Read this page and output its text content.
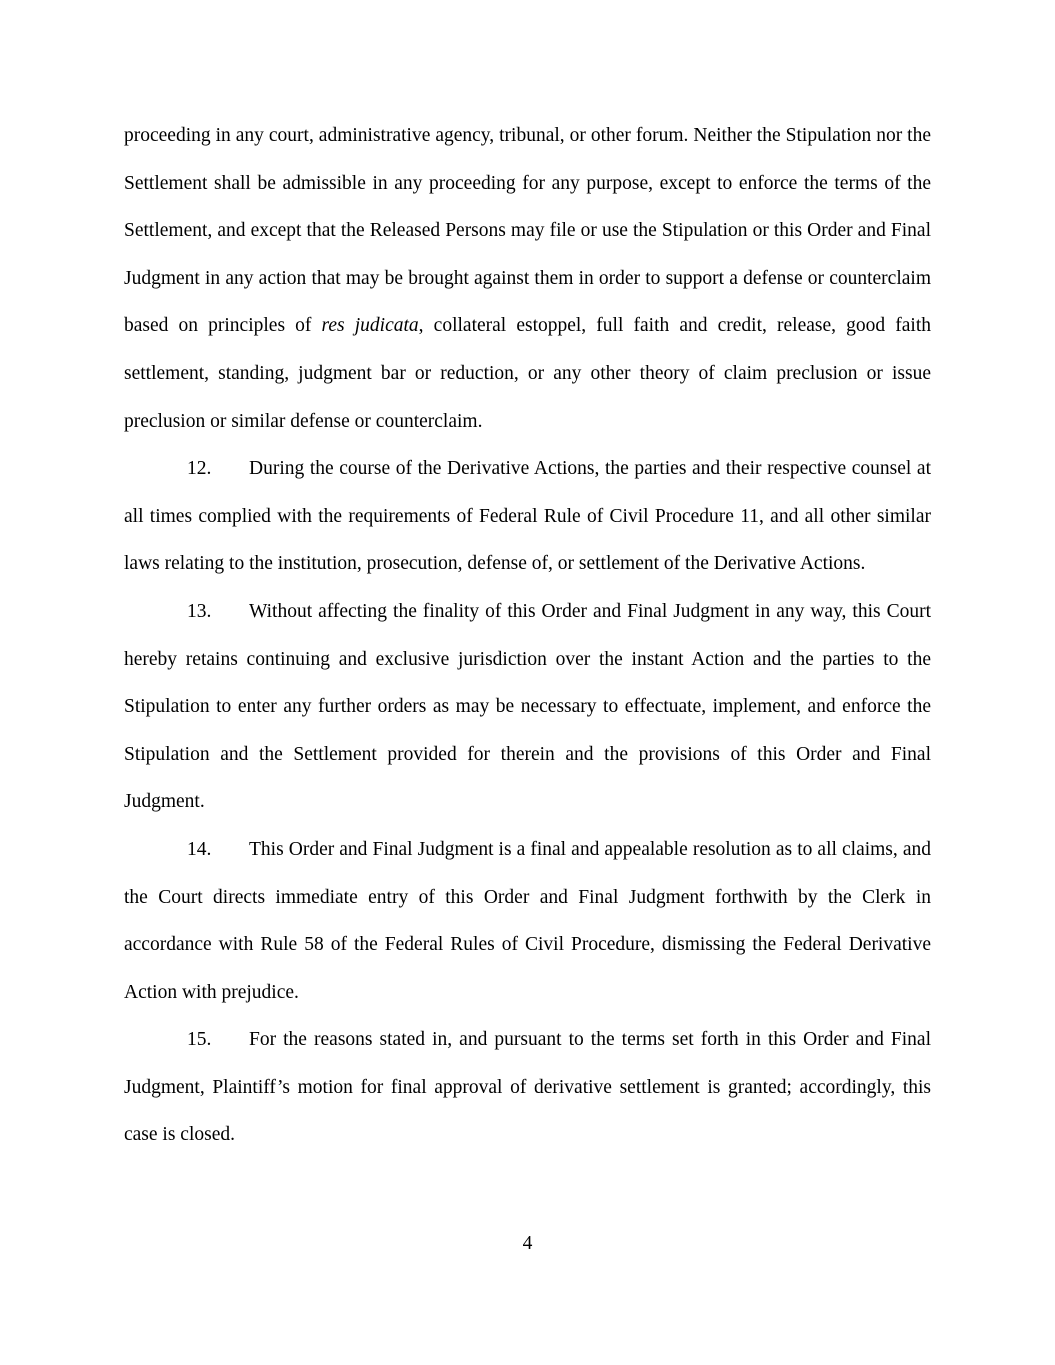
proceeding in any court, administrative agency, tribunal, or other forum. Neither the Stipulation nor the Settlement shall be admissible in any proceeding for any purpose, except to enforce the terms of the Settlement, and except that the Released Persons may file or use the Stipulation or this Order and Final Judgment in any action that may be brought against them in order to support a defense or counterclaim based on principles of res judicata, collateral estoppel, full faith and credit, release, good faith settlement, standing, judgment bar or reduction, or any other theory of claim preclusion or issue preclusion or similar defense or counterclaim.

12. During the course of the Derivative Actions, the parties and their respective counsel at all times complied with the requirements of Federal Rule of Civil Procedure 11, and all other similar laws relating to the institution, prosecution, defense of, or settlement of the Derivative Actions.

13. Without affecting the finality of this Order and Final Judgment in any way, this Court hereby retains continuing and exclusive jurisdiction over the instant Action and the parties to the Stipulation to enter any further orders as may be necessary to effectuate, implement, and enforce the Stipulation and the Settlement provided for therein and the provisions of this Order and Final Judgment.

14. This Order and Final Judgment is a final and appealable resolution as to all claims, and the Court directs immediate entry of this Order and Final Judgment forthwith by the Clerk in accordance with Rule 58 of the Federal Rules of Civil Procedure, dismissing the Federal Derivative Action with prejudice.

15. For the reasons stated in, and pursuant to the terms set forth in this Order and Final Judgment, Plaintiff’s motion for final approval of derivative settlement is granted; accordingly, this case is closed.

4
